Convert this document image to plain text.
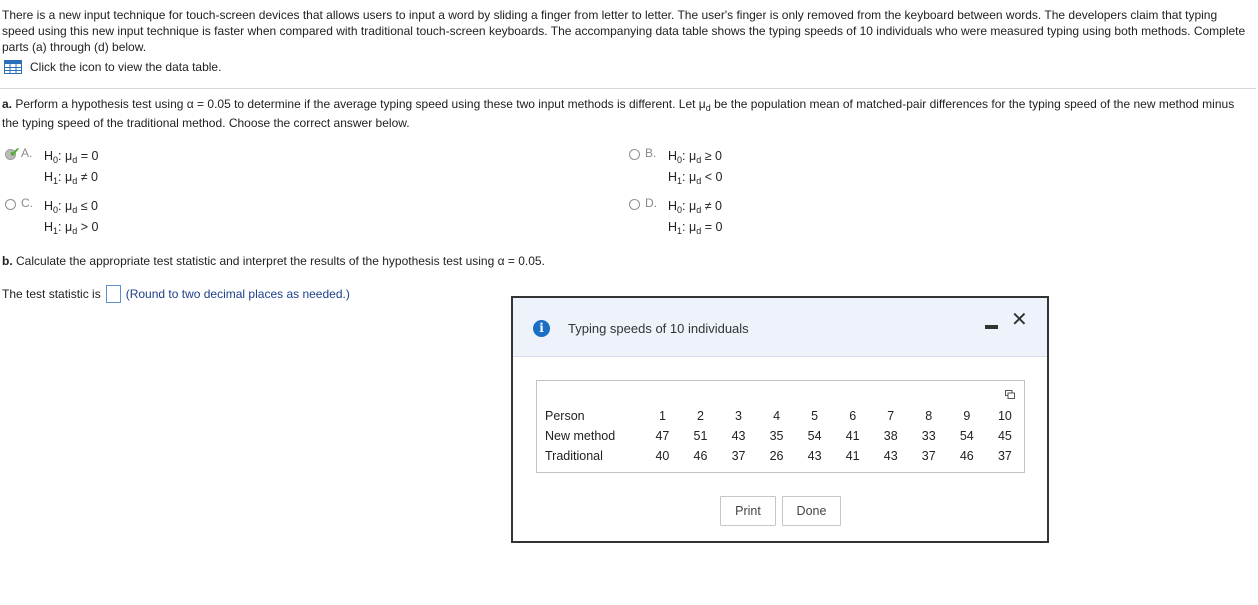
There is a new input technique for touch-screen devices that allows users to input a word by sliding a finger from letter to letter. The user's finger is only removed from the keyboard between words. The developers claim that typing speed using this new input technique is faster when compared with traditional touch-screen keyboards. The accompanying data table shows the typing speeds of 10 individuals who were measured typing using both methods. Complete parts (a) through (d) below.
Click the icon to view the data table.
a. Perform a hypothesis test using α = 0.05 to determine if the average typing speed using these two input methods is different. Let $\mu_d$ be the population mean of matched-pair differences for the typing speed of the new method minus the typing speed of the traditional method. Choose the correct answer below.
✔ A. $H_0$: $\mu_d = 0$
$H_1$: $\mu_d \ne 0$
B. $H_0$: $\mu_d \ge 0$
$H_1$: $\mu_d < 0$
C. $H_0$: $\mu_d \le 0$
$H_1$: $\mu_d > 0$
D. $H_0$: $\mu_d \ne 0$
$H_1$: $\mu_d = 0$
b. Calculate the appropriate test statistic and interpret the results of the hypothesis test using α = 0.05.
The test statistic is (Round to two decimal places as needed.)
i	Typing speeds of 10 individuals	✕
Person	1	2	3	4	5	6	7	8	9	10
New method	47	51	43	35	54	41	38	33	54	45
Traditional	40	46	37	26	43	41	43	37	46	37
Print	Done
